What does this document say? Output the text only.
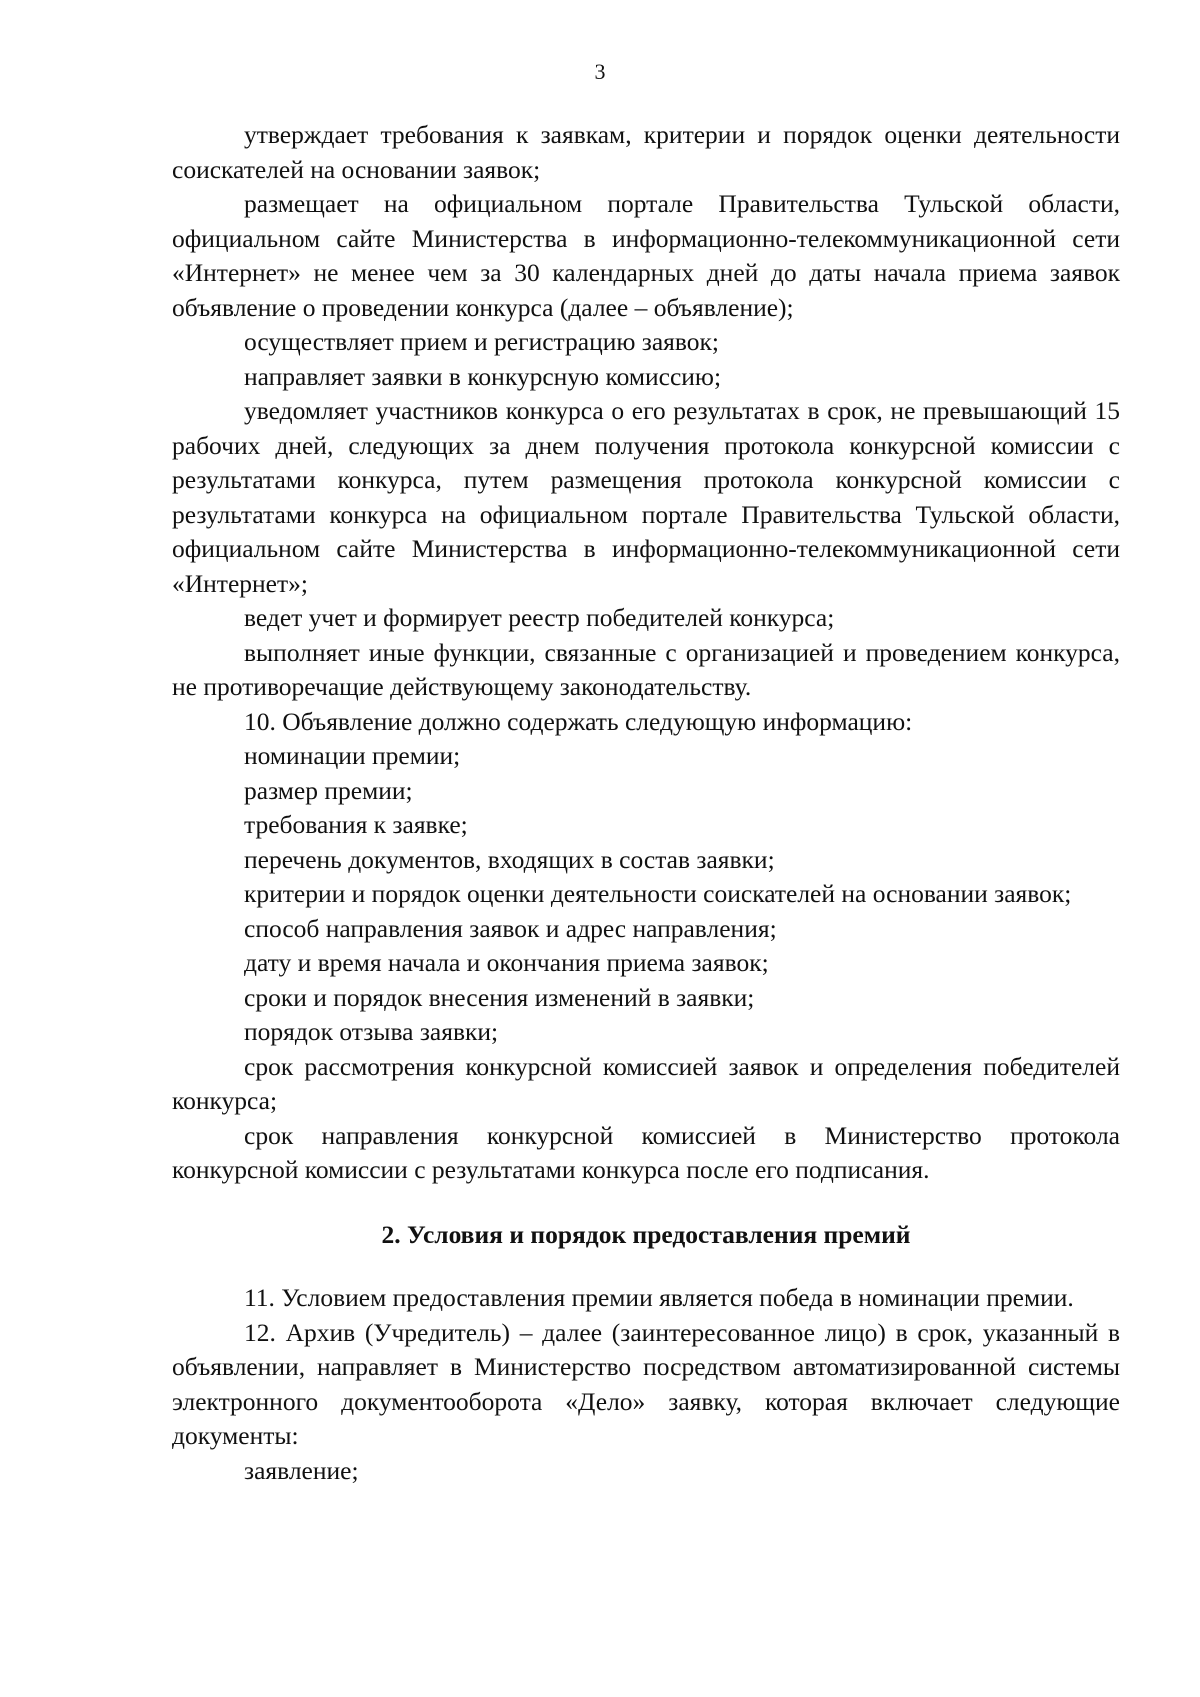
3

утверждает требования к заявкам, критерии и порядок оценки деятельности соискателей на основании заявок;

размещает на официальном портале Правительства Тульской области, официальном сайте Министерства в информационно-телекоммуникационной сети «Интернет» не менее чем за 30 календарных дней до даты начала приема заявок объявление о проведении конкурса (далее – объявление);

осуществляет прием и регистрацию заявок;

направляет заявки в конкурсную комиссию;

уведомляет участников конкурса о его результатах в срок, не превышающий 15 рабочих дней, следующих за днем получения протокола конкурсной комиссии с результатами конкурса, путем размещения протокола конкурсной комиссии с результатами конкурса на официальном портале Правительства Тульской области, официальном сайте Министерства в информационно-телекоммуникационной сети «Интернет»;

ведет учет и формирует реестр победителей конкурса;

выполняет иные функции, связанные с организацией и проведением конкурса, не противоречащие действующему законодательству.

10. Объявление должно содержать следующую информацию:

номинации премии;

размер премии;

требования к заявке;

перечень документов, входящих в состав заявки;

критерии и порядок оценки деятельности соискателей на основании заявок;

способ направления заявок и адрес направления;

дату и время начала и окончания приема заявок;

сроки и порядок внесения изменений в заявки;

порядок отзыва заявки;

срок рассмотрения конкурсной комиссией заявок и определения победителей конкурса;

срок направления конкурсной комиссией в Министерство протокола конкурсной комиссии с результатами конкурса после его подписания.

2. Условия и порядок предоставления премий

11. Условием предоставления премии является победа в номинации премии.

12. Архив (Учредитель) – далее (заинтересованное лицо) в срок, указанный в объявлении, направляет в Министерство посредством автоматизированной системы электронного документооборота «Дело» заявку, которая включает следующие документы:

заявление;
